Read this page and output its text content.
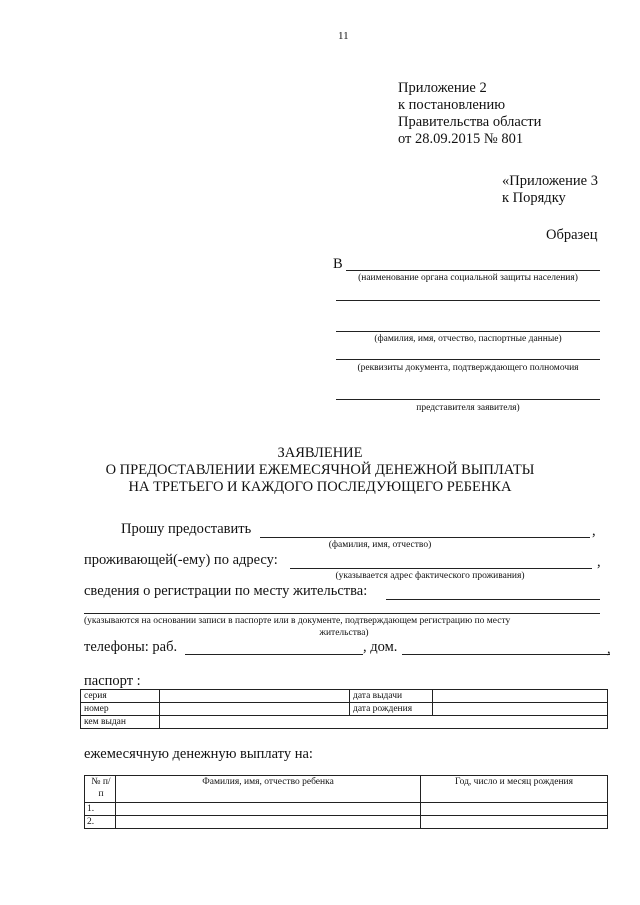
11
Приложение 2
к постановлению
Правительства области
от 28.09.2015 № 801
«Приложение 3
к Порядку
Образец
В
(наименование органа социальной защиты населения)
(фамилия, имя, отчество, паспортные данные)
(реквизиты документа, подтверждающего полномочия
представителя заявителя)
ЗАЯВЛЕНИЕ
О ПРЕДОСТАВЛЕНИИ ЕЖЕМЕСЯЧНОЙ ДЕНЕЖНОЙ ВЫПЛАТЫ
НА ТРЕТЬЕГО И КАЖДОГО ПОСЛЕДУЮЩЕГО РЕБЕНКА
Прошу предоставить	,
(фамилия, имя, отчество)
проживающей(-ему) по адресу:	,
(указывается адрес фактического проживания)
сведения о регистрации по месту жительства:
(указываются на основании записи в паспорте или в документе, подтверждающем регистрацию по месту
жительства)
телефоны: раб.	, дом.	,
паспорт :
серия		дата выдачи	
номер		дата рождения	
кем выдан			
ежемесячную денежную выплату на:
№ п/п	Фамилия, имя, отчество ребенка	Год, число и месяц рождения
1.		
2.		
